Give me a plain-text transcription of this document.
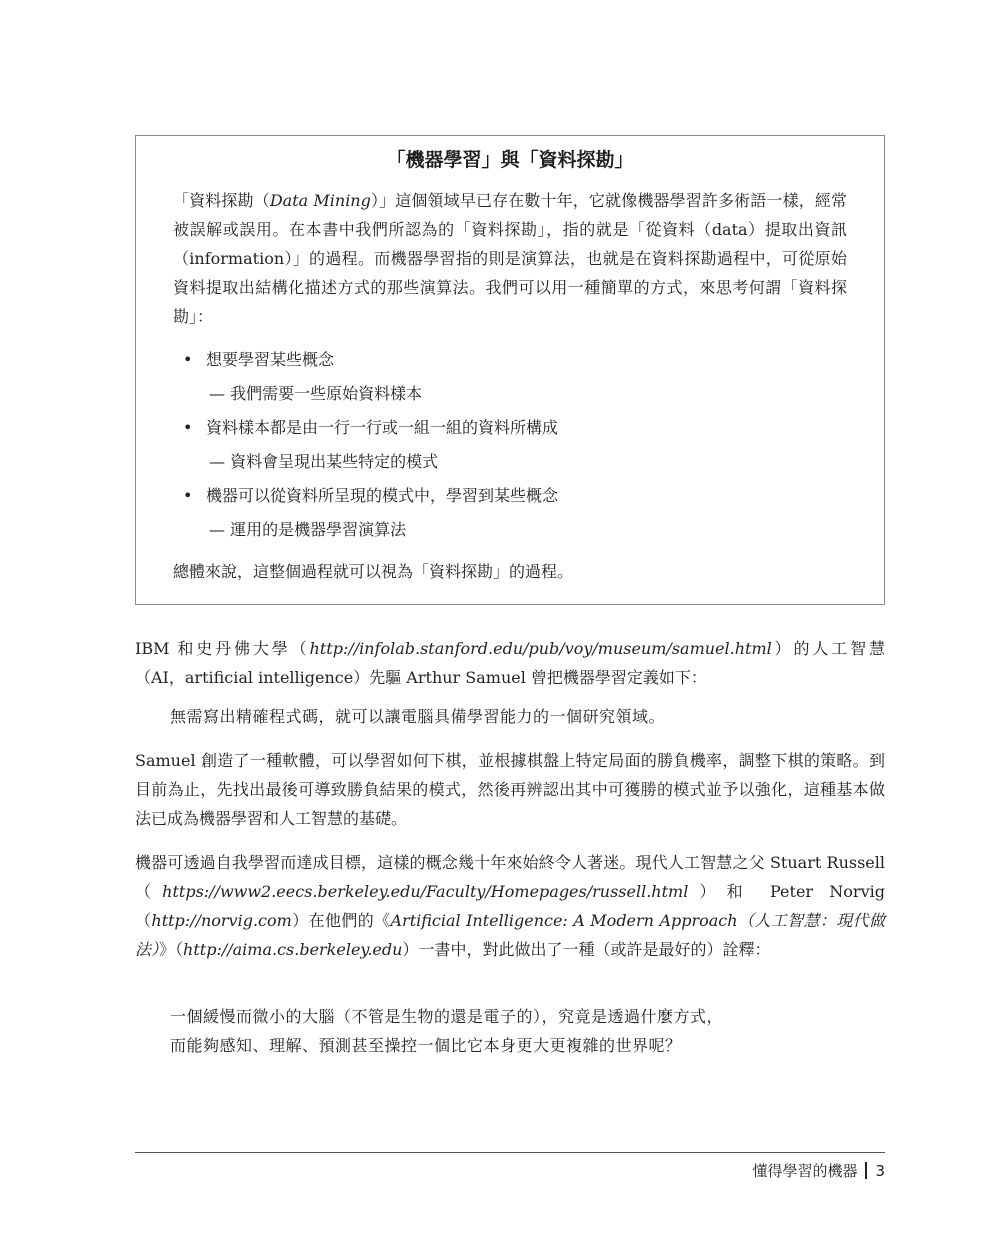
「機器學習」與「資料探勘」

「資料探勘（Data Mining）」這個領域早已存在數十年，它就像機器學習許多術語一樣，經常被誤解或誤用。在本書中我們所認為的「資料探勘」，指的就是「從資料（data）提取出資訊（information）」的過程。而機器學習指的則是演算法，也就是在資料探勘過程中，可從原始資料提取出結構化描述方式的那些演算法。我們可以用一種簡單的方式，來思考何謂「資料探勘」：

• 想要學習某些概念
— 我們需要一些原始資料樣本
• 資料樣本都是由一行一行或一組一組的資料所構成
— 資料會呈現出某些特定的模式
• 機器可以從資料所呈現的模式中，學習到某些概念
— 運用的是機器學習演算法

總體來說，這整個過程就可以視為「資料探勘」的過程。

IBM 和史丹佛大學（http://infolab.stanford.edu/pub/voy/museum/samuel.html）的人工智慧（AI，artificial intelligence）先驅 Arthur Samuel 曾把機器學習定義如下：

無需寫出精確程式碼，就可以讓電腦具備學習能力的一個研究領域。

Samuel 創造了一種軟體，可以學習如何下棋，並根據棋盤上特定局面的勝負機率，調整下棋的策略。到目前為止，先找出最後可導致勝負結果的模式，然後再辨認出其中可獲勝的模式並予以強化，這種基本做法已成為機器學習和人工智慧的基礎。

機器可透過自我學習而達成目標，這樣的概念幾十年來始終令人著迷。現代人工智慧之父 Stuart Russell（https://www2.eecs.berkeley.edu/Faculty/Homepages/russell.html）和 Peter Norvig（http://norvig.com）在他們的《Artificial Intelligence: A Modern Approach（人工智慧：現代做法）》（http://aima.cs.berkeley.edu）一書中，對此做出了一種（或許是最好的）詮釋：

一個緩慢而微小的大腦（不管是生物的還是電子的），究竟是透過什麼方式，
而能夠感知、理解、預測甚至操控一個比它本身更大更複雜的世界呢？
懂得學習的機器 3
